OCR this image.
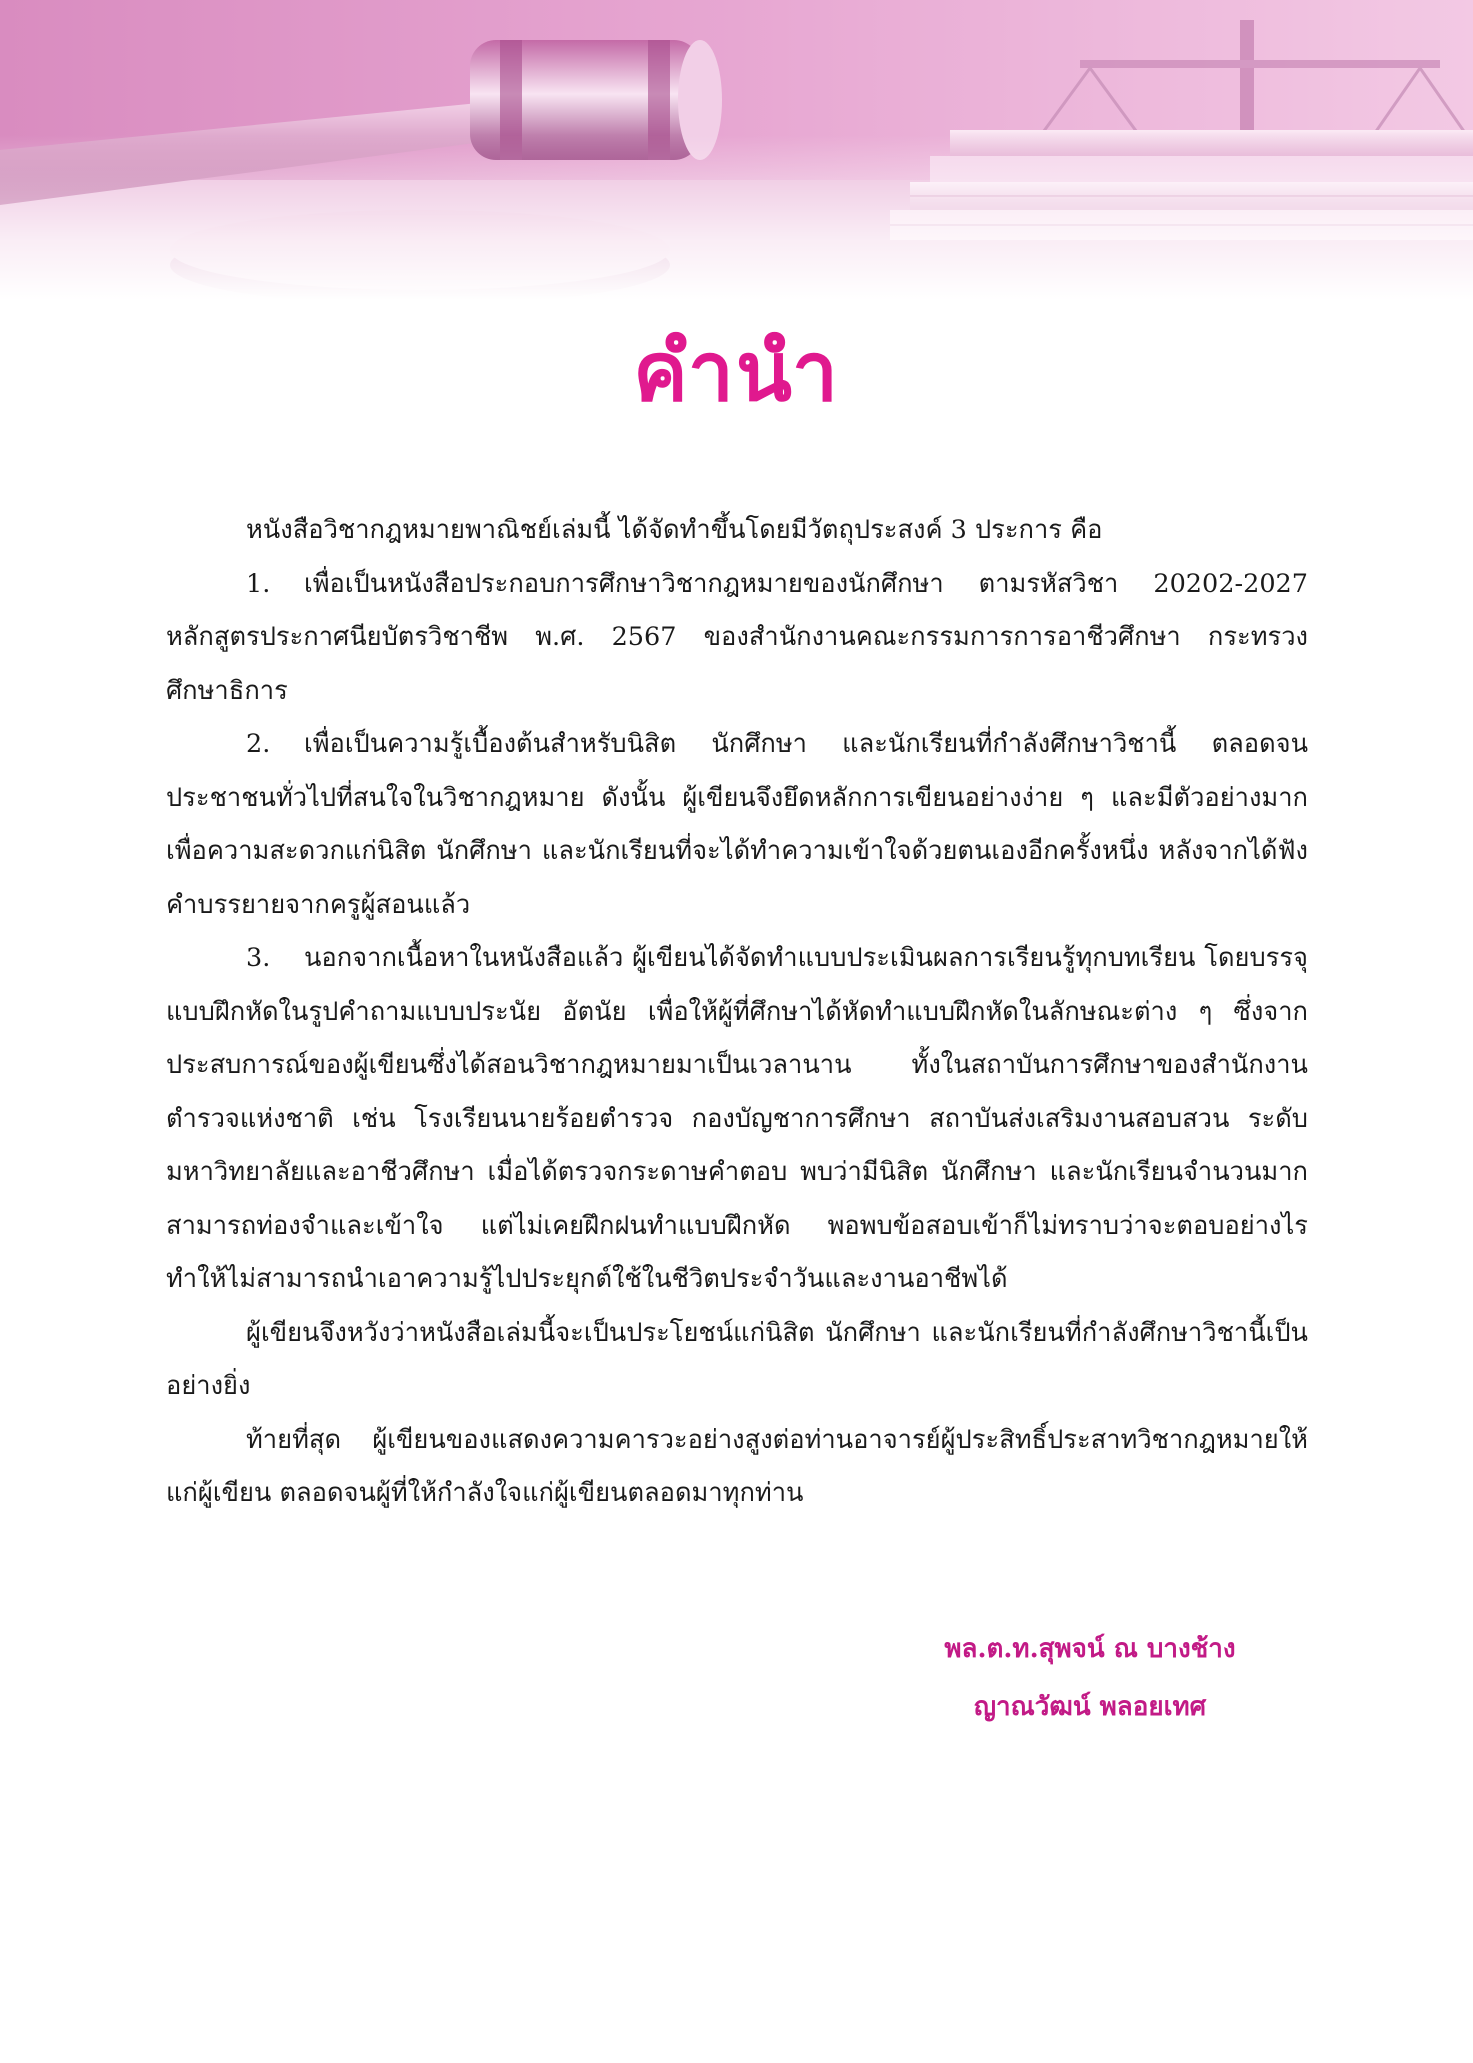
คำนำ

หนังสือวิชากฎหมายพาณิชย์เล่มนี้ ได้จัดทำขึ้นโดยมีวัตถุประสงค์ 3 ประการ คือ

1. เพื่อเป็นหนังสือประกอบการศึกษาวิชากฎหมายของนักศึกษา ตามรหัสวิชา 20202-2027 หลักสูตรประกาศนียบัตรวิชาชีพ พ.ศ. 2567 ของสำนักงานคณะกรรมการการอาชีวศึกษา กระทรวงศึกษาธิการ

2. เพื่อเป็นความรู้เบื้องต้นสำหรับนิสิต นักศึกษา และนักเรียนที่กำลังศึกษาวิชานี้ ตลอดจนประชาชนทั่วไปที่สนใจในวิชากฎหมาย ดังนั้น ผู้เขียนจึงยึดหลักการเขียนอย่างง่าย ๆ และมีตัวอย่างมาก เพื่อความสะดวกแก่นิสิต นักศึกษา และนักเรียนที่จะได้ทำความเข้าใจด้วยตนเองอีกครั้งหนึ่ง หลังจากได้ฟังคำบรรยายจากครูผู้สอนแล้ว

3. นอกจากเนื้อหาในหนังสือแล้ว ผู้เขียนได้จัดทำแบบประเมินผลการเรียนรู้ทุกบทเรียน โดยบรรจุแบบฝึกหัดในรูปคำถามแบบประนัย อัตนัย เพื่อให้ผู้ที่ศึกษาได้หัดทำแบบฝึกหัดในลักษณะต่าง ๆ ซึ่งจากประสบการณ์ของผู้เขียนซึ่งได้สอนวิชากฎหมายมาเป็นเวลานาน ทั้งในสถาบันการศึกษาของสำนักงานตำรวจแห่งชาติ เช่น โรงเรียนนายร้อยตำรวจ กองบัญชาการศึกษา สถาบันส่งเสริมงานสอบสวน ระดับมหาวิทยาลัยและอาชีวศึกษา เมื่อได้ตรวจกระดาษคำตอบ พบว่ามีนิสิต นักศึกษา และนักเรียนจำนวนมากสามารถท่องจำและเข้าใจ แต่ไม่เคยฝึกฝนทำแบบฝึกหัด พอพบข้อสอบเข้าก็ไม่ทราบว่าจะตอบอย่างไร ทำให้ไม่สามารถนำเอาความรู้ไปประยุกต์ใช้ในชีวิตประจำวันและงานอาชีพได้

ผู้เขียนจึงหวังว่าหนังสือเล่มนี้จะเป็นประโยชน์แก่นิสิต นักศึกษา และนักเรียนที่กำลังศึกษาวิชานี้เป็นอย่างยิ่ง

ท้ายที่สุด ผู้เขียนของแสดงความคารวะอย่างสูงต่อท่านอาจารย์ผู้ประสิทธิ์ประสาทวิชากฎหมายให้แก่ผู้เขียน ตลอดจนผู้ที่ให้กำลังใจแก่ผู้เขียนตลอดมาทุกท่าน

พล.ต.ท.สุพจน์ ณ บางช้าง
ญาณวัฒน์ พลอยเทศ
